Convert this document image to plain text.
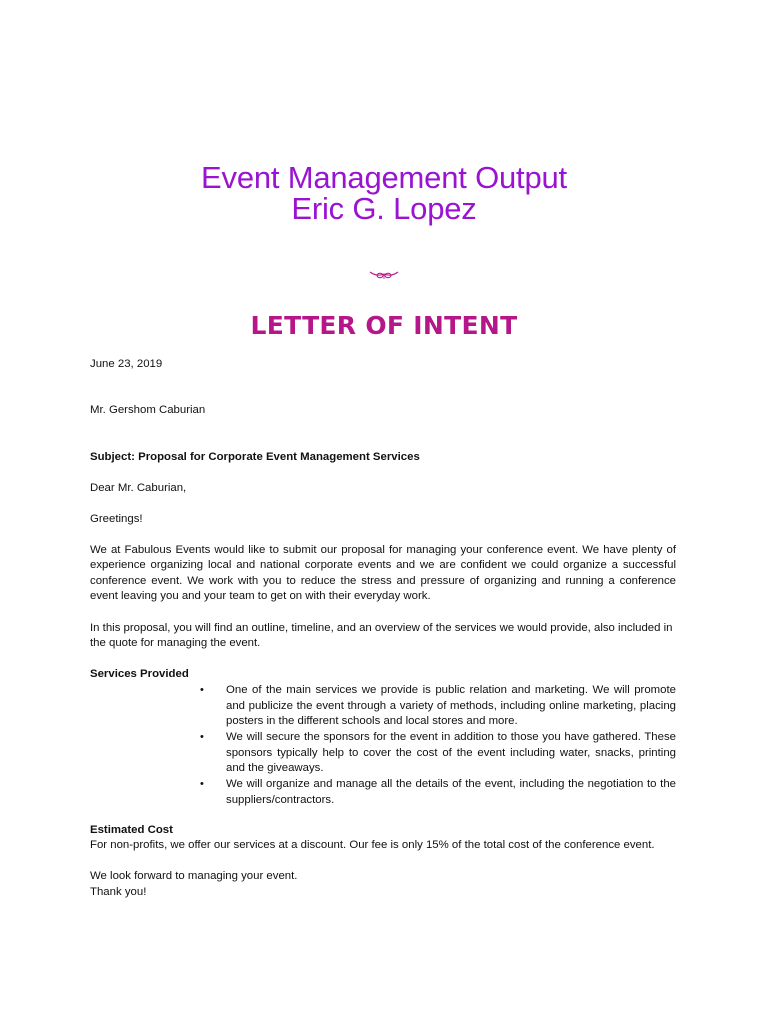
Event Management Output
Eric G. Lopez
LETTER OF INTENT
June 23, 2019
Mr. Gershom Caburian
Subject: Proposal for Corporate Event Management Services
Dear Mr. Caburian,
Greetings!
We at Fabulous Events would like to submit our proposal for managing your conference event. We have plenty of experience organizing local and national corporate events and we are confident we could organize a successful conference event. We work with you to reduce the stress and pressure of organizing and running a conference event leaving you and your team to get on with their everyday work.
In this proposal, you will find an outline, timeline, and an overview of the services we would provide, also included in the quote for managing the event.
Services Provided
• One of the main services we provide is public relation and marketing. We will promote and publicize the event through a variety of methods, including online marketing, placing posters in the different schools and local stores and more.
• We will secure the sponsors for the event in addition to those you have gathered. These sponsors typically help to cover the cost of the event including water, snacks, printing and the giveaways.
• We will organize and manage all the details of the event, including the negotiation to the suppliers/contractors.
Estimated Cost
For non-profits, we offer our services at a discount. Our fee is only 15% of the total cost of the conference event.
We look forward to managing your event.
Thank you!
